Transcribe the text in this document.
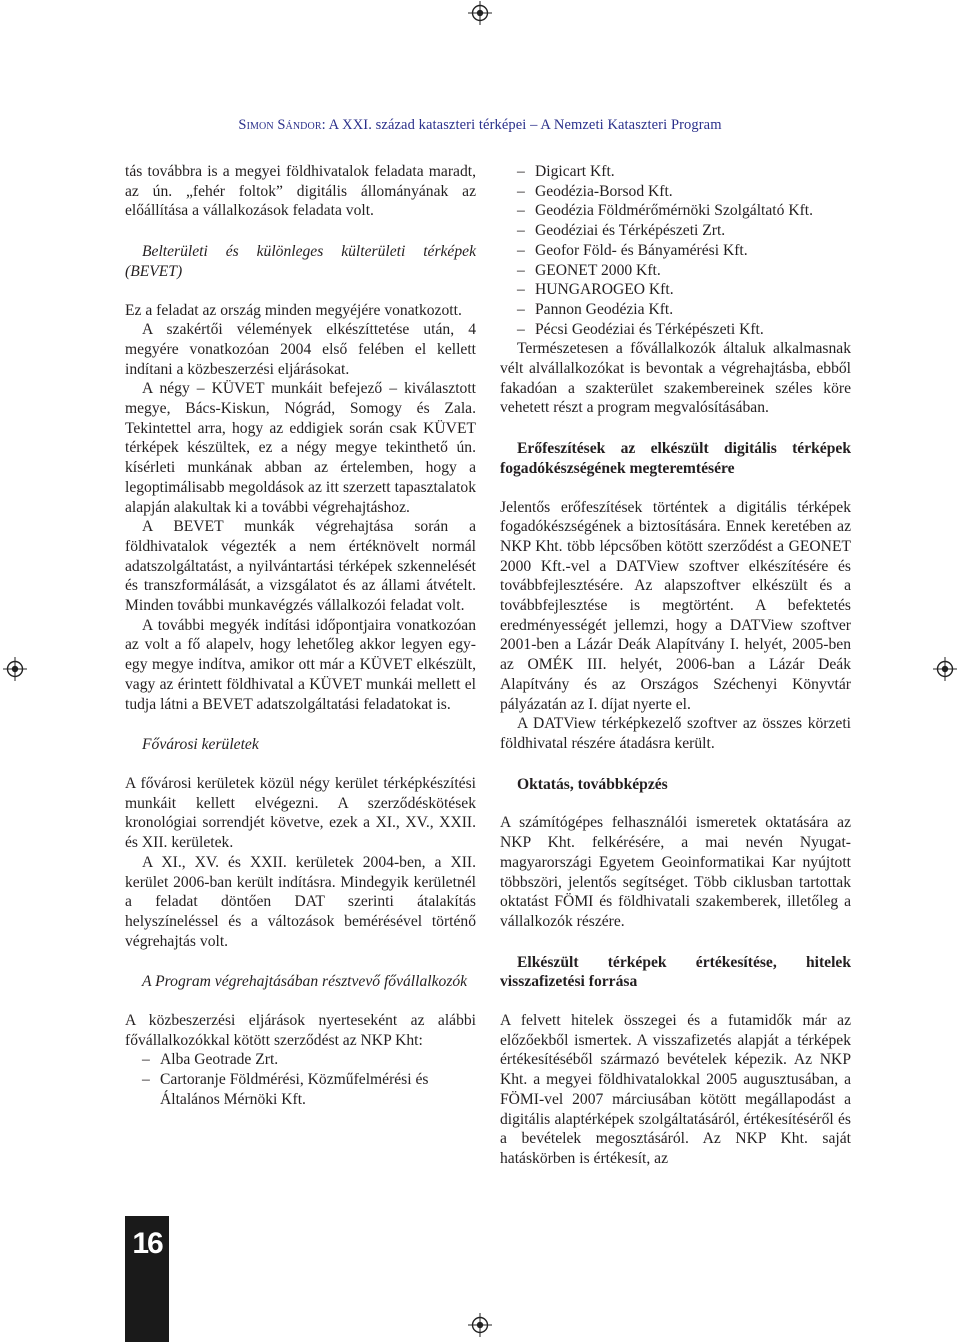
Simon Sándor: A XXI. század kataszteri térképei – A Nemzeti Kataszteri Program

tás továbbra is a megyei földhivatalok feladata maradt, az ún. „fehér foltok” digitális állományának az előállítása a vállalkozások feladata volt.

Belterületi és különleges külterületi térképek (BEVET)

Ez a feladat az ország minden megyéjére vonatkozott.

A szakértői vélemények elkészíttetése után, 4 megyére vonatkozóan 2004 első felében el kellett indítani a közbeszerzési eljárásokat.

A négy – KÜVET munkáit befejező – kiválasztott megye, Bács-Kiskun, Nógrád, Somogy és Zala. Tekintettel arra, hogy az eddigiek során csak KÜVET térképek készültek, ez a négy megye tekinthető ún. kísérleti munkának abban az értelemben, hogy a legoptimálisabb megoldások az itt szerzett tapasztalatok alapján alakultak ki a további végrehajtáshoz.

A BEVET munkák végrehajtása során a földhivatalok végezték a nem értéknövelt normál adatszolgáltatást, a nyilvántartási térképek szkennelését és transzformálását, a vizsgálatot és az állami átvételt. Minden további munkavégzés vállalkozói feladat volt.

A további megyék indítási időpontjaira vonatkozóan az volt a fő alapelv, hogy lehetőleg akkor legyen egy-egy megye indítva, amikor ott már a KÜVET elkészült, vagy az érintett földhivatal a KÜVET munkái mellett el tudja látni a BEVET adatszolgáltatási feladatokat is.

Fővárosi kerületek

A fővárosi kerületek közül négy kerület térképkészítési munkáit kellett elvégezni. A szerződéskötések kronológiai sorrendjét követve, ezek a XI., XV., XXII. és XII. kerületek.

A XI., XV. és XXII. kerületek 2004-ben, a XII. kerület 2006-ban került indításra. Mindegyik kerületnél a feladat döntően DAT szerinti átalakítás helyszíneléssel és a változások bemérésével történő végrehajtás volt.

A Program végrehajtásában résztvevő fővállalkozók

A közbeszerzési eljárások nyerteseként az alábbi fővállalkozókkal kötött szerződést az NKP Kht:

– Alba Geotrade Zrt.
– Cartoranje Földmérési, Közműfelmérési és Általános Mérnöki Kft.
– Digicart Kft.
– Geodézia-Borsod Kft.
– Geodézia Földmérőmérnöki Szolgáltató Kft.
– Geodéziai és Térképészeti Zrt.
– Geofor Föld- és Bányamérési Kft.
– GEONET 2000 Kft.
– HUNGAROGEO Kft.
– Pannon Geodézia Kft.
– Pécsi Geodéziai és Térképészeti Kft.

Természetesen a fővállalkozók általuk alkalmasnak vélt alvállalkozókat is bevontak a végrehajtásba, ebből fakadóan a szakterület szakembereinek széles köre vehetett részt a program megvalósításában.

Erőfeszítések az elkészült digitális térképek fogadókészségének megteremtésére

Jelentős erőfeszítések történtek a digitális térképek fogadókészségének a biztosítására. Ennek keretében az NKP Kht. több lépcsőben kötött szerződést a GEONET 2000 Kft.-vel a DATView szoftver elkészítésére és továbbfejlesztésére. Az alapszoftver elkészült és a továbbfejlesztése is megtörtént. A befektetés eredményességét jellemzi, hogy a DATView szoftver 2001-ben a Lázár Deák Alapítvány I. helyét, 2005-ben az OMÉK III. helyét, 2006-ban a Lázár Deák Alapítvány és az Országos Széchenyi Könyvtár pályázatán az I. díjat nyerte el.

A DATView térképkezelő szoftver az összes körzeti földhivatal részére átadásra került.

Oktatás, továbbképzés

A számítógépes felhasználói ismeretek oktatására az NKP Kht. felkérésére, a mai nevén Nyugat-magyarországi Egyetem Geoinformatikai Kar nyújtott többszöri, jelentős segítséget. Több ciklusban tartottak oktatást FÖMI és földhivatali szakemberek, illetőleg a vállalkozók részére.

Elkészült térképek értékesítése, hitelek visszafizetési forrása

A felvett hitelek összegei és a futamidők már az előzőekből ismertek. A visszafizetés alapját a térképek értékesítéséből származó bevételek képezik. Az NKP Kht. a megyei földhivatalokkal 2005 augusztusában, a FÖMI-vel 2007 márciusában kötött megállapodást a digitális alaptérképek szolgáltatásáról, értékesítéséről és a bevételek megosztásáról. Az NKP Kht. saját hatáskörben is értékesít, az

16
